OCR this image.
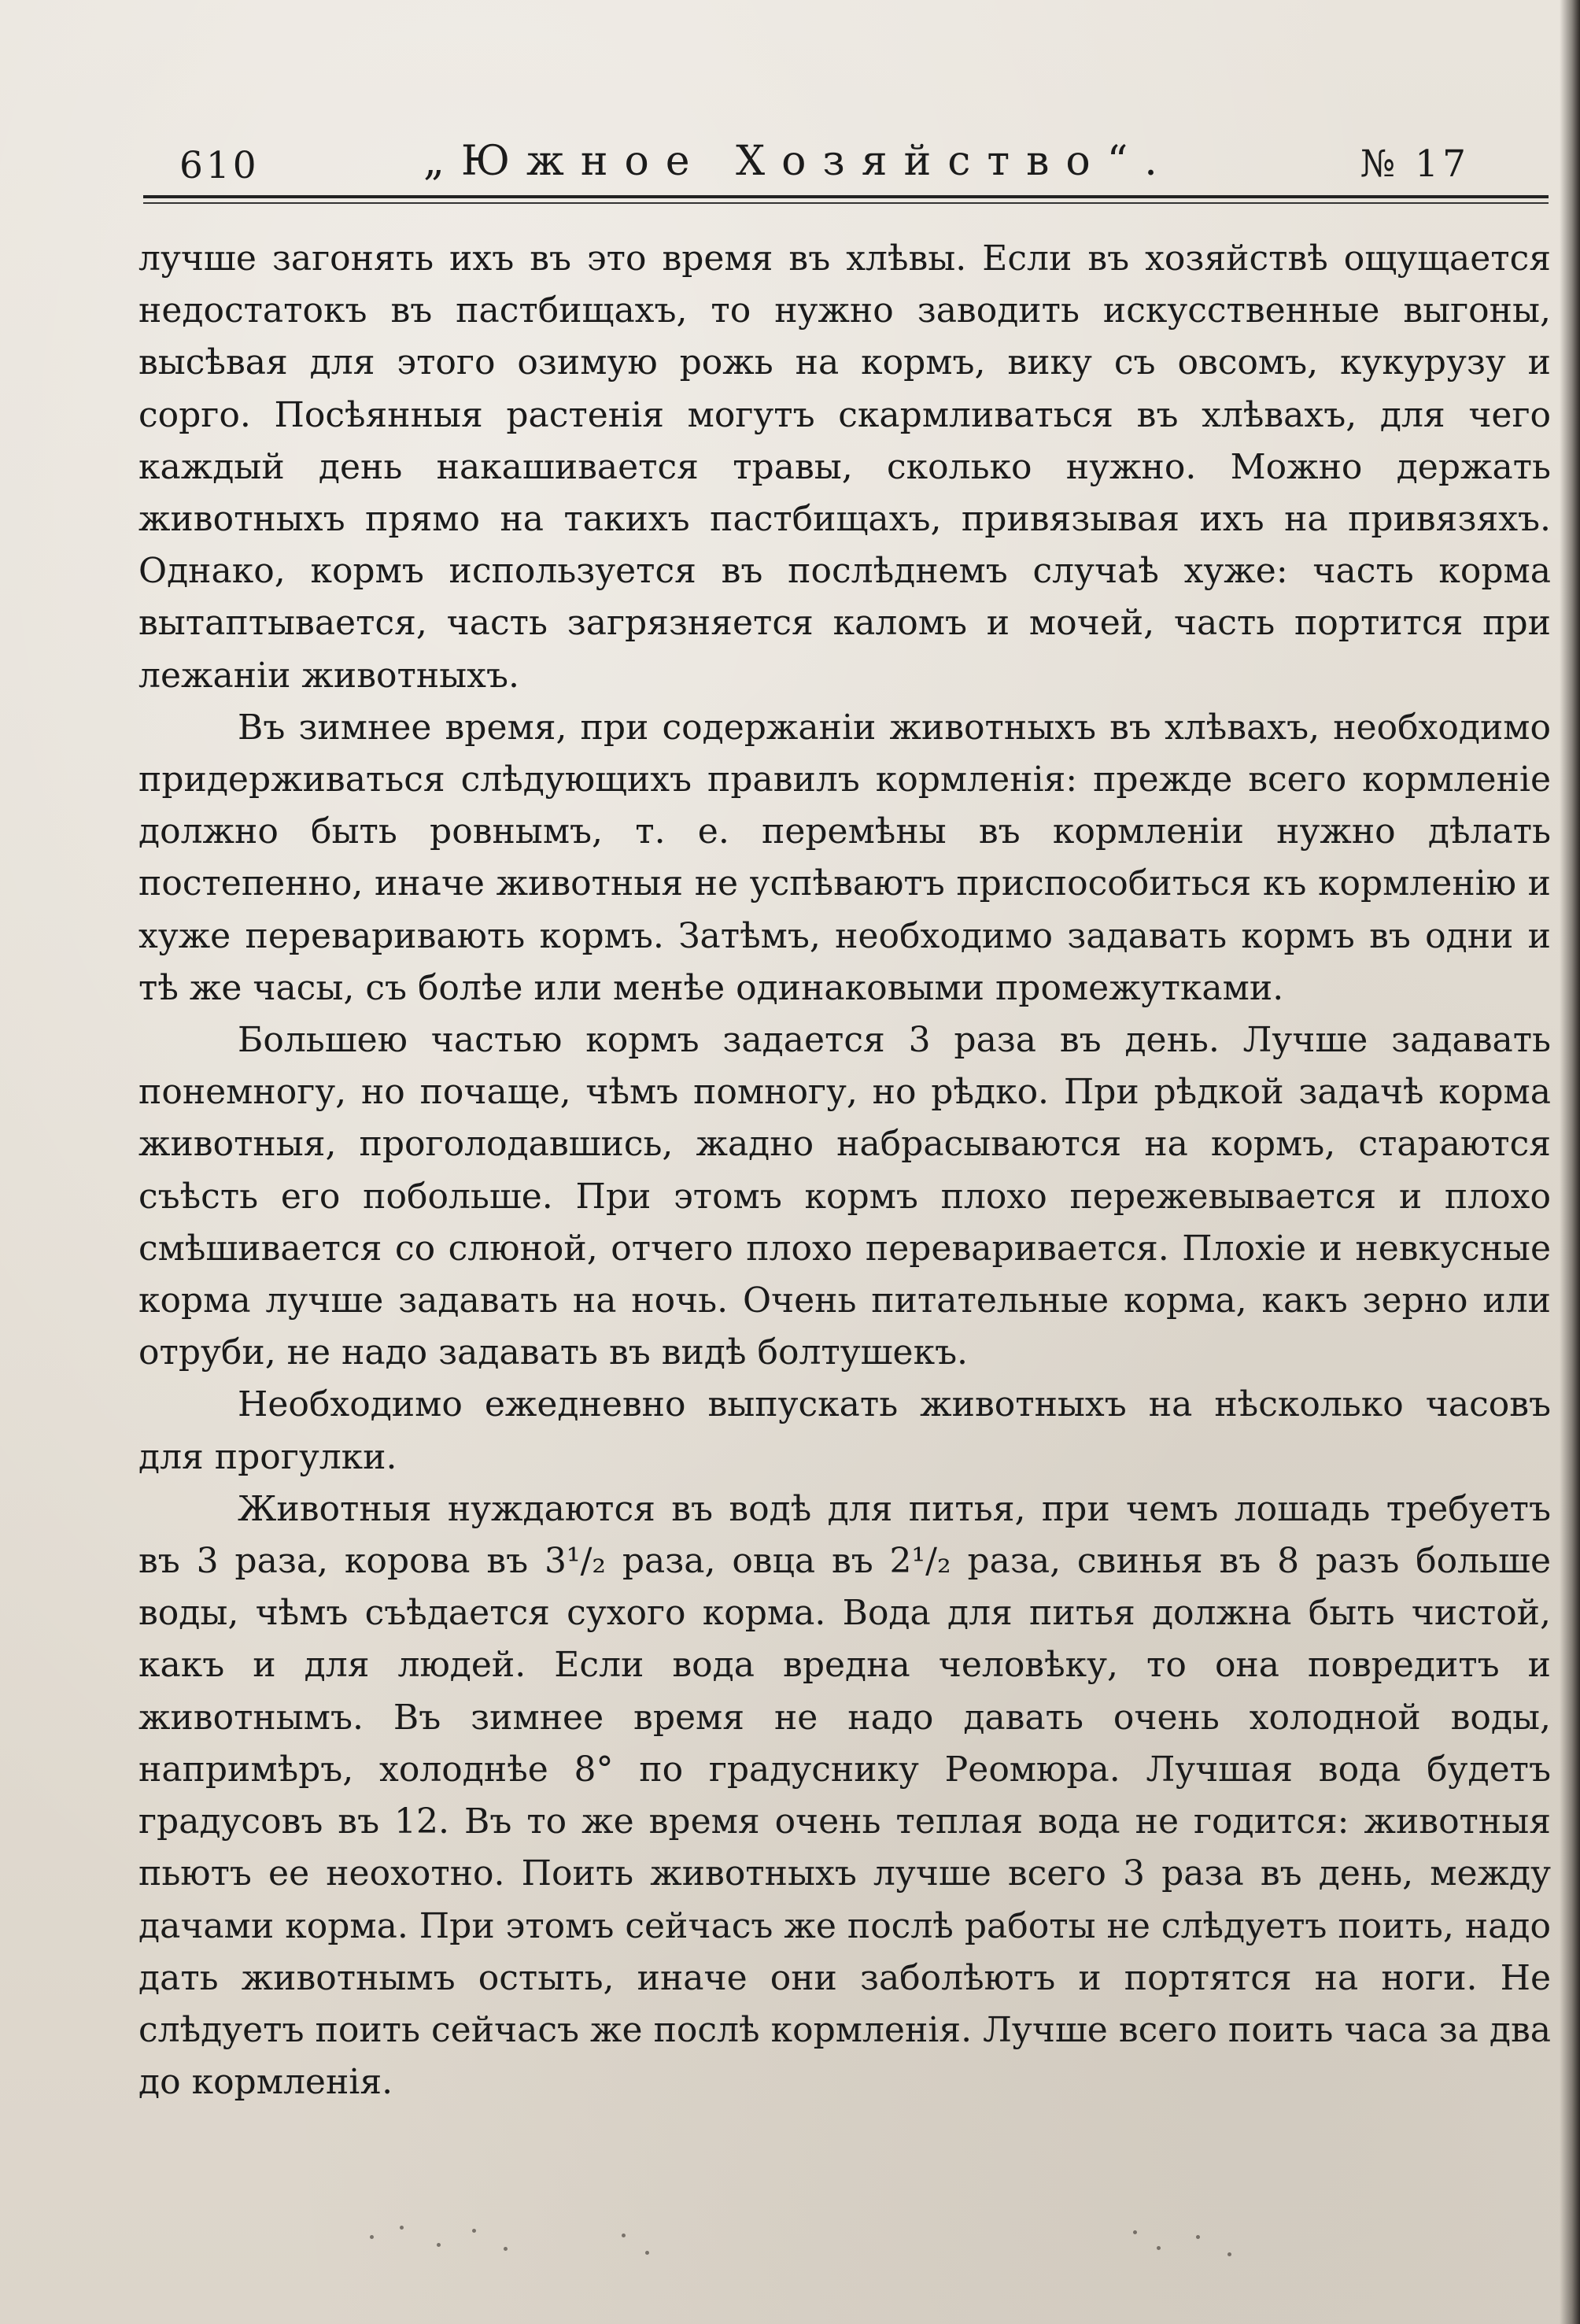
610	„Южное Хозяйство“.	№ 17

лучше загонять ихъ въ это время въ хлѣвы. Если въ хозяйствѣ ощущается недостатокъ въ пастбищахъ, то нужно заводить искусственные выгоны, высѣвая для этого озимую рожь на кормъ, вику съ овсомъ, кукурузу и сорго. Посѣянныя растенія могутъ скармливаться въ хлѣвахъ, для чего каждый день накашивается травы, сколько нужно. Можно держать животныхъ прямо на такихъ пастбищахъ, привязывая ихъ на привязяхъ. Однако, кормъ используется въ послѣднемъ случаѣ хуже: часть корма вытаптывается, часть загрязняется каломъ и мочей, часть портится при лежаніи животныхъ.

Въ зимнее время, при содержаніи животныхъ въ хлѣвахъ, необходимо придерживаться слѣдующихъ правилъ кормленія: прежде всего кормленіе должно быть ровнымъ, т. е. перемѣны въ кормленіи нужно дѣлать постепенно, иначе животныя не успѣваютъ приспособиться къ кормленію и хуже переваривають кормъ. Затѣмъ, необходимо задавать кормъ въ одни и тѣ же часы, съ болѣе или менѣе одинаковыми промежутками.

Большею частью кормъ задается 3 раза въ день. Лучше задавать понемногу, но почаще, чѣмъ помногу, но рѣдко. При рѣдкой задачѣ корма животныя, проголодавшись, жадно набрасываются на кормъ, стараются съѣсть его побольше. При этомъ кормъ плохо пережевывается и плохо смѣшивается со слюной, отчего плохо переваривается. Плохіе и невкусные корма лучше задавать на ночь. Очень питательные корма, какъ зерно или отруби, не надо задавать въ видѣ болтушекъ.

Необходимо ежедневно выпускать животныхъ на нѣсколько часовъ для прогулки.

Животныя нуждаются въ водѣ для питья, при чемъ лошадь требуетъ въ 3 раза, корова въ 3¹/₂ раза, овца въ 2¹/₂ раза, свинья въ 8 разъ больше воды, чѣмъ съѣдается сухого корма. Вода для питья должна быть чистой, какъ и для людей. Если вода вредна человѣку, то она повредитъ и животнымъ. Въ зимнее время не надо давать очень холодной воды, напримѣръ, холоднѣе 8° по градуснику Реомюра. Лучшая вода будетъ градусовъ въ 12. Въ то же время очень теплая вода не годится: животныя пьютъ ее неохотно. Поить животныхъ лучше всего 3 раза въ день, между дачами корма. При этомъ сейчасъ же послѣ работы не слѣдуетъ поить, надо дать животнымъ остыть, иначе они заболѣютъ и портятся на ноги. Не слѣдуетъ поить сейчасъ же послѣ кормленія. Лучше всего поить часа за два до кормленія.
